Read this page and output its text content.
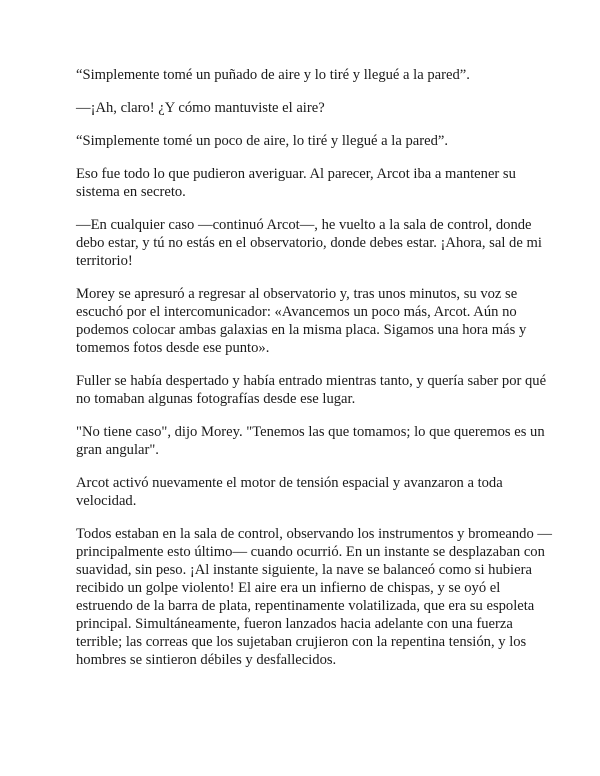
“Simplemente tomé un puñado de aire y lo tiré y llegué a la pared”.

—¡Ah, claro! ¿Y cómo mantuviste el aire?

“Simplemente tomé un poco de aire, lo tiré y llegué a la pared”.

Eso fue todo lo que pudieron averiguar. Al parecer, Arcot iba a mantener su sistema en secreto.

—En cualquier caso —continuó Arcot—, he vuelto a la sala de control, donde debo estar, y tú no estás en el observatorio, donde debes estar. ¡Ahora, sal de mi territorio!

Morey se apresuró a regresar al observatorio y, tras unos minutos, su voz se escuchó por el intercomunicador: «Avancemos un poco más, Arcot. Aún no podemos colocar ambas galaxias en la misma placa. Sigamos una hora más y tomemos fotos desde ese punto».

Fuller se había despertado y había entrado mientras tanto, y quería saber por qué no tomaban algunas fotografías desde ese lugar.

"No tiene caso", dijo Morey. "Tenemos las que tomamos; lo que queremos es un gran angular".

Arcot activó nuevamente el motor de tensión espacial y avanzaron a toda velocidad.

Todos estaban en la sala de control, observando los instrumentos y bromeando —principalmente esto último— cuando ocurrió. En un instante se desplazaban con suavidad, sin peso. ¡Al instante siguiente, la nave se balanceó como si hubiera recibido un golpe violento! El aire era un infierno de chispas, y se oyó el estruendo de la barra de plata, repentinamente volatilizada, que era su espoleta principal. Simultáneamente, fueron lanzados hacia adelante con una fuerza terrible; las correas que los sujetaban crujieron con la repentina tensión, y los hombres se sintieron débiles y desfallecidos.
